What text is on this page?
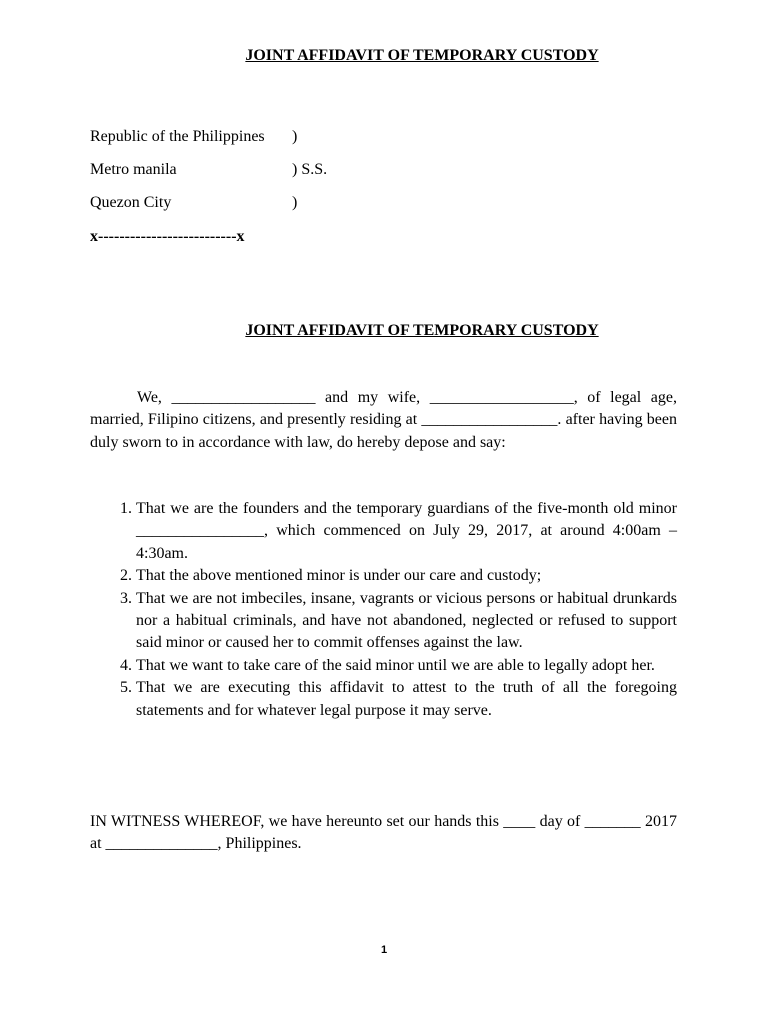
JOINT AFFIDAVIT OF TEMPORARY CUSTODY
Republic of the Philippines )
Metro manila	) S.S.
Quezon City	)
x--------------------------x
JOINT AFFIDAVIT OF TEMPORARY CUSTODY

We, __________________ and my wife, __________________, of legal age, married, Filipino citizens, and presently residing at _________________. after having been duly sworn to in accordance with law, do hereby depose and say:

1. That we are the founders and the temporary guardians of the five-month old minor ________________, which commenced on July 29, 2017, at around 4:00am – 4:30am.
2. That the above mentioned minor is under our care and custody;
3. That we are not imbeciles, insane, vagrants or vicious persons or habitual drunkards nor a habitual criminals, and have not abandoned, neglected or refused to support said minor or caused her to commit offenses against the law.
4. That we want to take care of the said minor until we are able to legally adopt her.
5. That we are executing this affidavit to attest to the truth of all the foregoing statements and for whatever legal purpose it may serve.

IN WITNESS WHEREOF, we have hereunto set our hands this ____ day of _______ 2017 at ______________, Philippines.

1
